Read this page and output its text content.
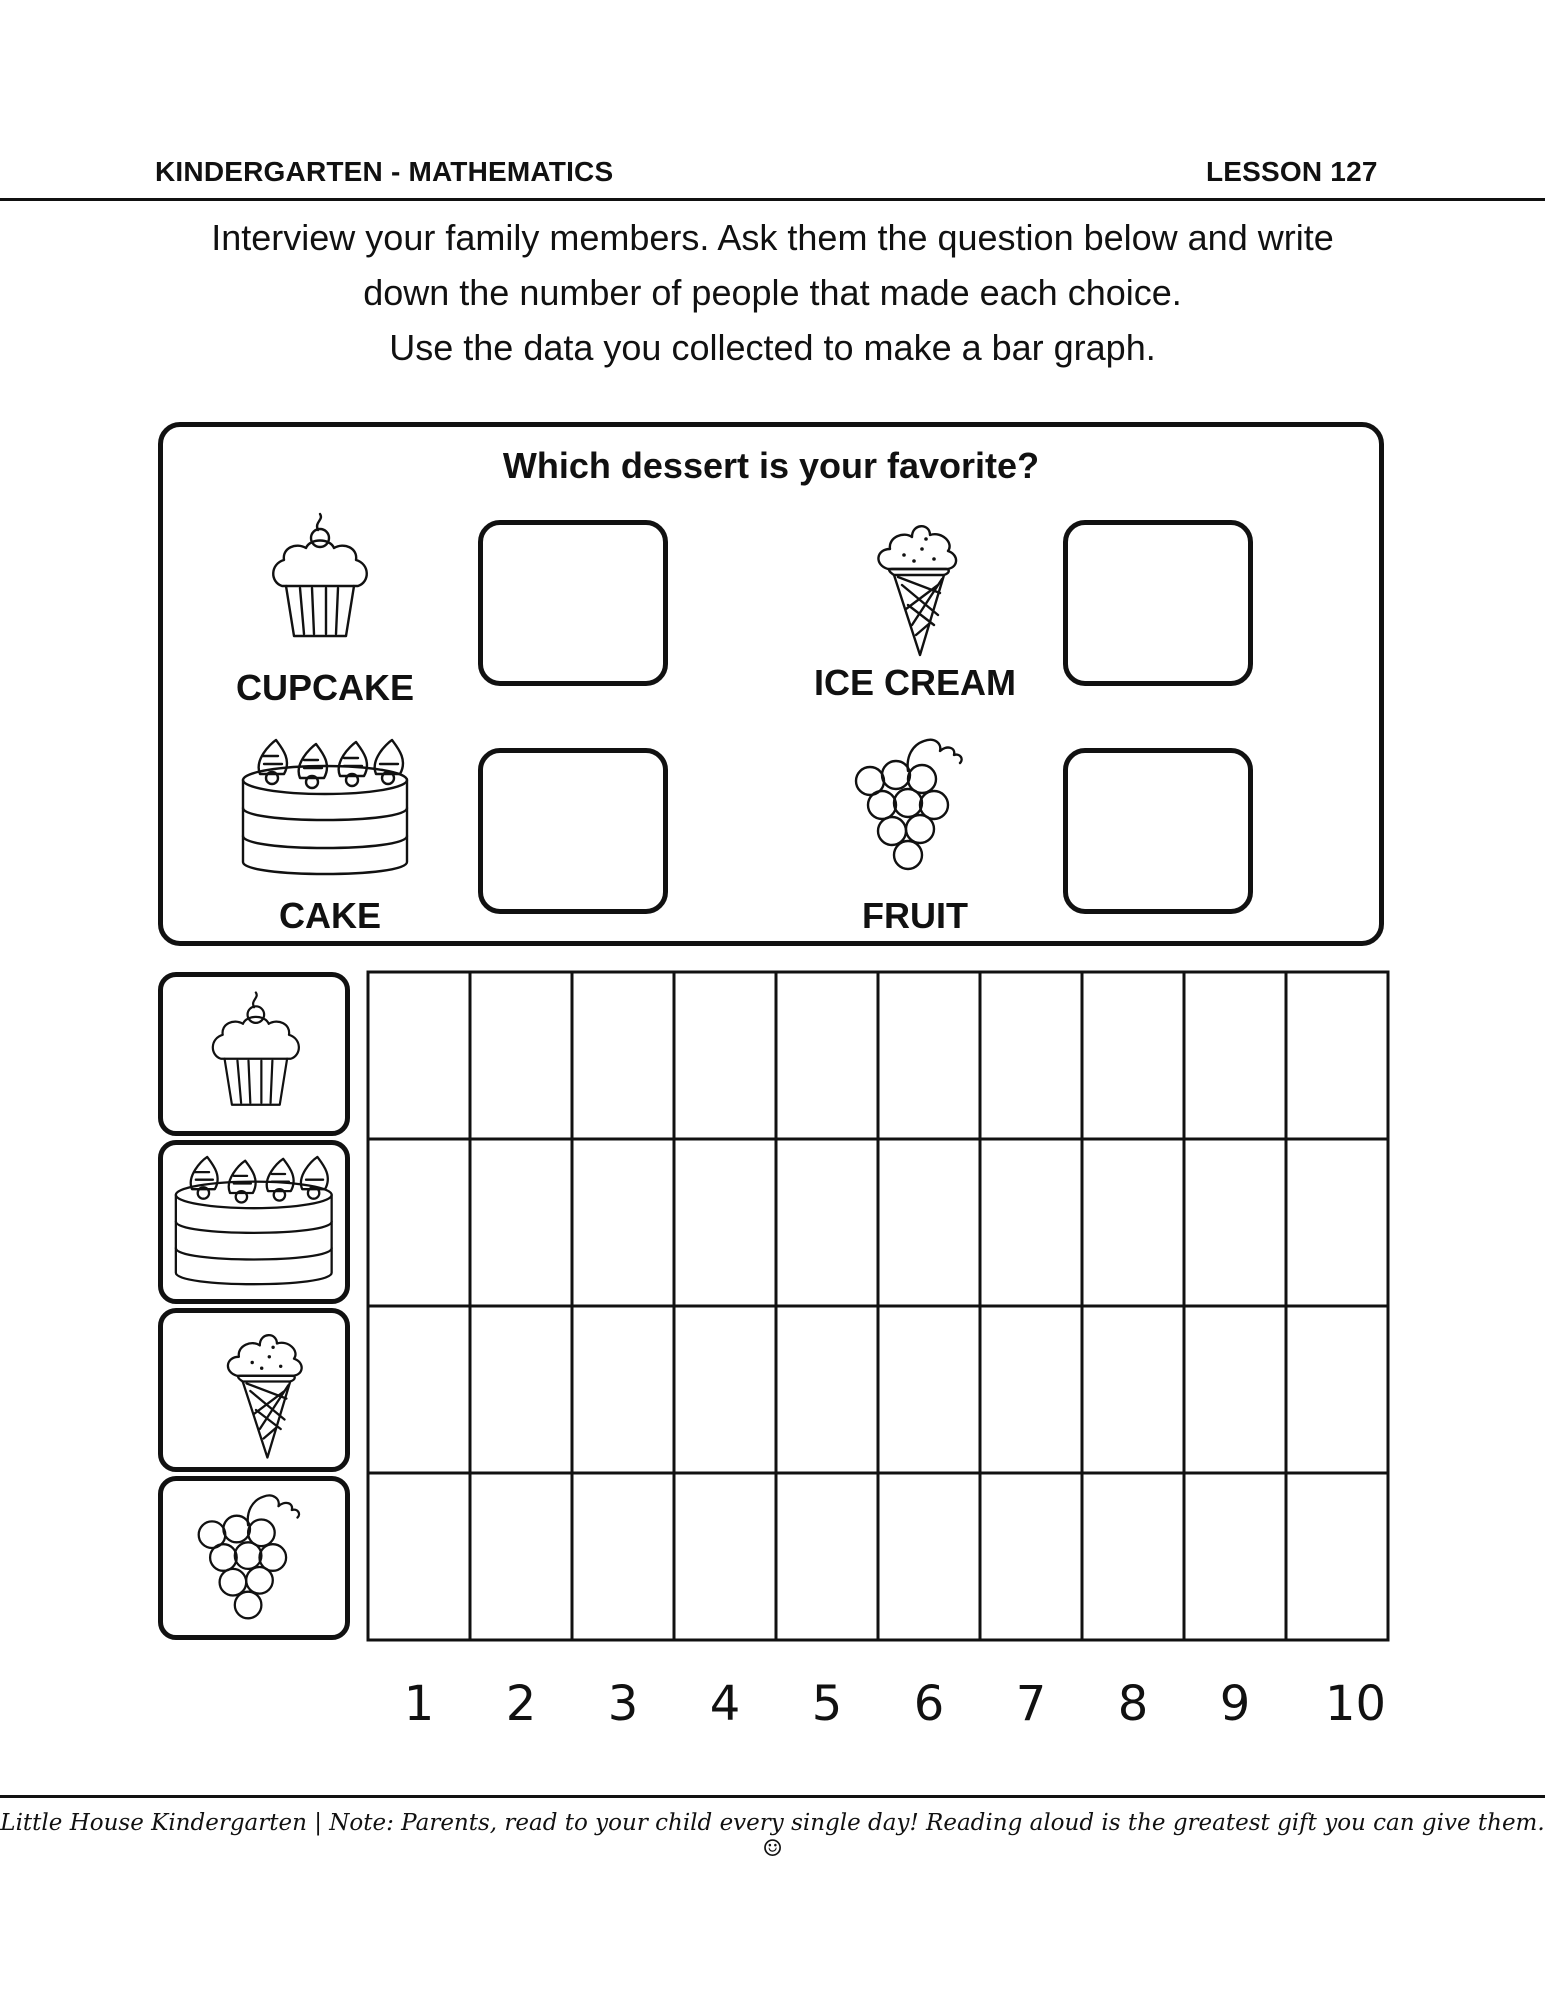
KINDERGARTEN - MATHEMATICS	LESSON 127
Interview your family members. Ask them the question below and write
down the number of people that made each choice.
Use the data you collected to make a bar graph.
Which dessert is your favorite?
CUPCAKE	ICE CREAM
CAKE	FRUIT
1	2	3	4	5	6	7	8	9	10
Little House Kindergarten | Note: Parents, read to your child every single day! Reading aloud is the greatest gift you can give them. ☺
